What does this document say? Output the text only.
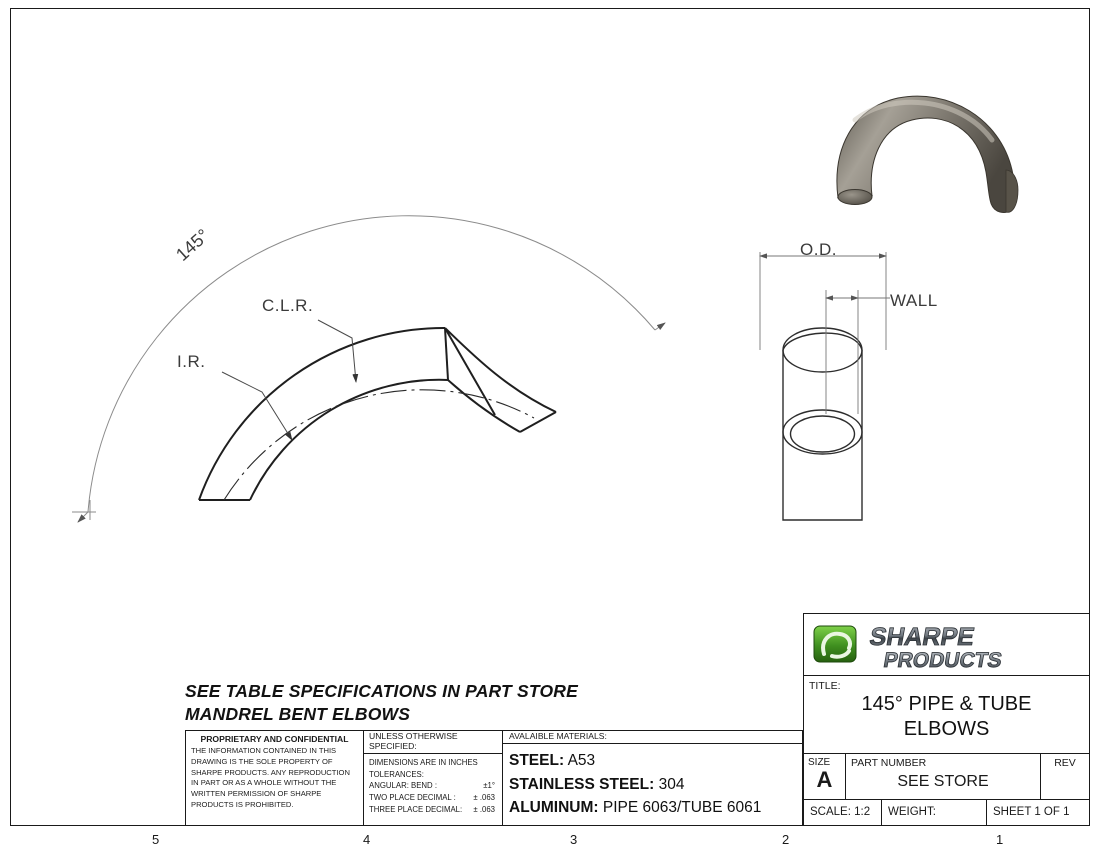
145°
C.L.R.
I.R.
O.D.
WALL
SEE TABLE SPECIFICATIONS IN PART STORE
MANDREL BENT ELBOWS
PROPRIETARY AND CONFIDENTIAL
THE INFORMATION CONTAINED IN THIS DRAWING IS THE SOLE PROPERTY OF SHARPE PRODUCTS. ANY REPRODUCTION IN PART OR AS A WHOLE WITHOUT THE WRITTEN PERMISSION OF SHARPE PRODUCTS IS PROHIBITED.
UNLESS OTHERWISE SPECIFIED:
DIMENSIONS ARE IN INCHES
TOLERANCES:
ANGULAR: BEND :	±1°
TWO PLACE DECIMAL : ± .063
THREE PLACE DECIMAL: ± .063
AVALAIBLE MATERIALS:
STEEL: A53
STAINLESS STEEL: 304
ALUMINUM: PIPE 6063/TUBE 6061
SHARPE
PRODUCTS
TITLE:
145° PIPE & TUBE
ELBOWS
SIZE
A
PART NUMBER
SEE STORE
REV
SCALE: 1:2 WEIGHT:	SHEET 1 OF 1
5	4	3	2	1
